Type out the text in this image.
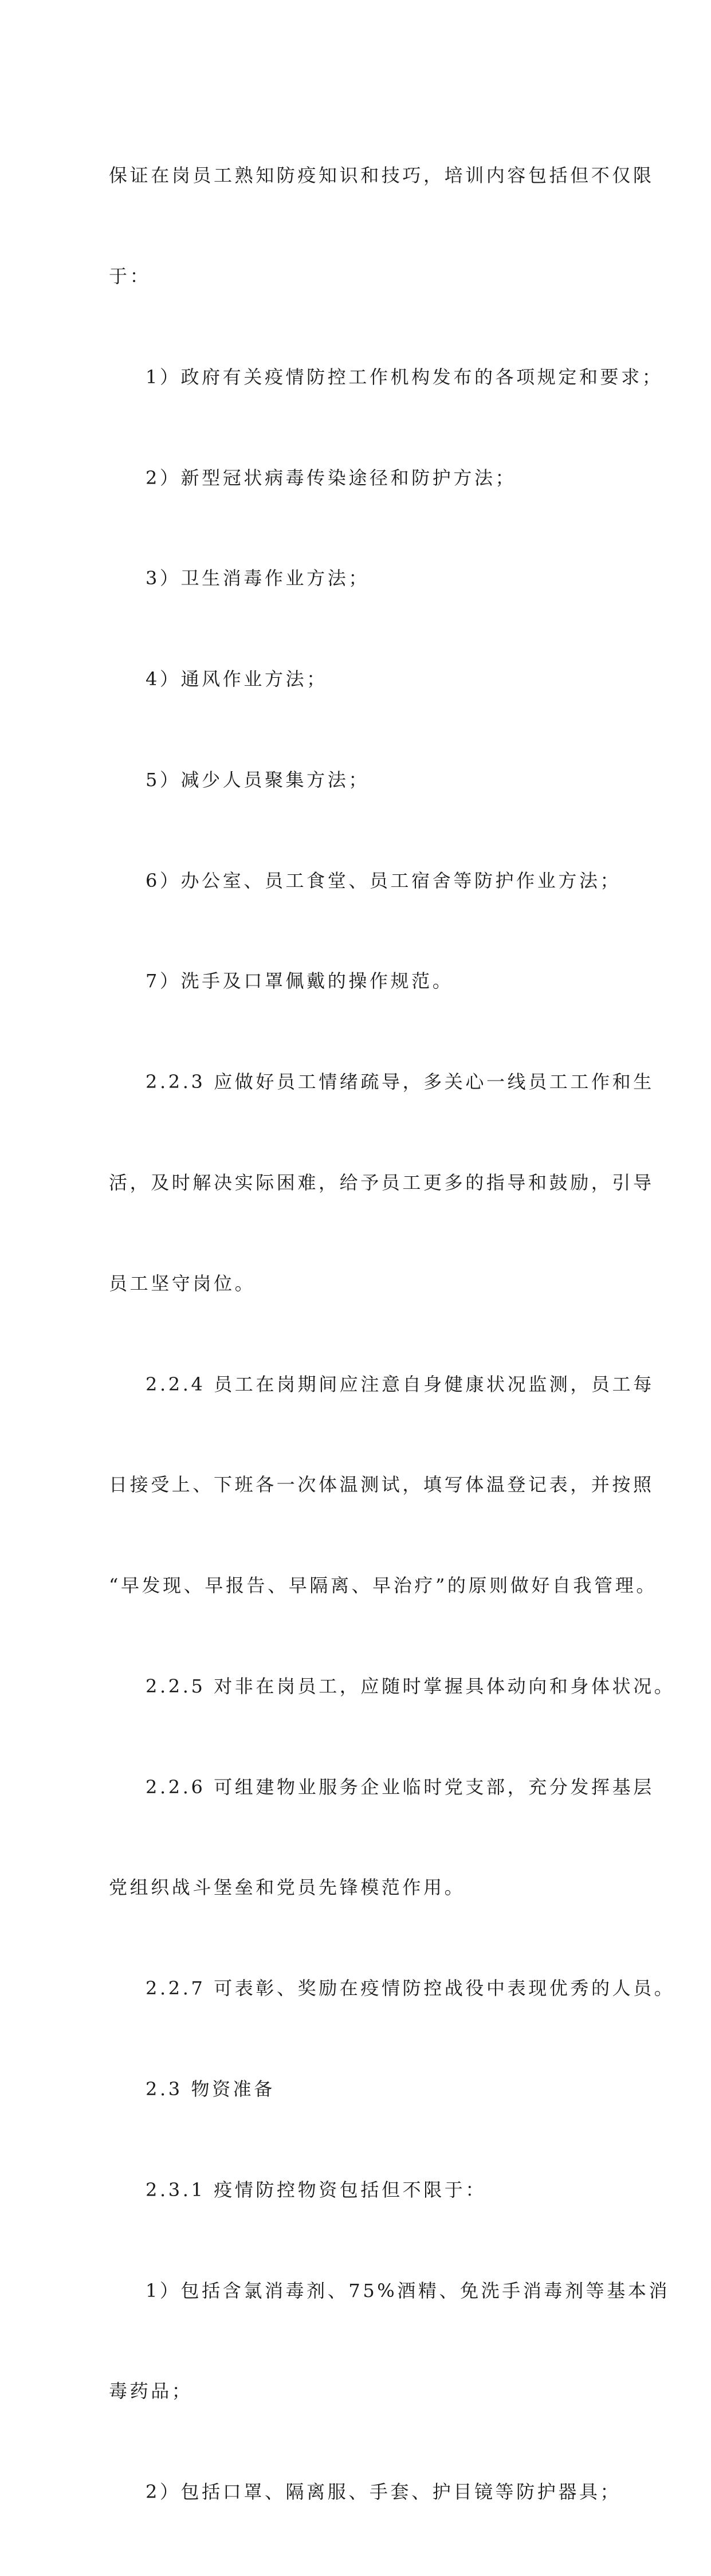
保证在岗员工熟知防疫知识和技巧，培训内容包括但不仅限

于：

1）政府有关疫情防控工作机构发布的各项规定和要求；

2）新型冠状病毒传染途径和防护方法；

3）卫生消毒作业方法；

4）通风作业方法；

5）减少人员聚集方法；

6）办公室、员工食堂、员工宿舍等防护作业方法；

7）洗手及口罩佩戴的操作规范。

2.2.3 应做好员工情绪疏导，多关心一线员工工作和生

活，及时解决实际困难，给予员工更多的指导和鼓励，引导

员工坚守岗位。

2.2.4 员工在岗期间应注意自身健康状况监测，员工每

日接受上、下班各一次体温测试，填写体温登记表，并按照

“早发现、早报告、早隔离、早治疗”的原则做好自我管理。

2.2.5 对非在岗员工，应随时掌握具体动向和身体状况。

2.2.6 可组建物业服务企业临时党支部，充分发挥基层

党组织战斗堡垒和党员先锋模范作用。

2.2.7 可表彰、奖励在疫情防控战役中表现优秀的人员。

2.3 物资准备

2.3.1 疫情防控物资包括但不限于：

1）包括含氯消毒剂、75%酒精、免洗手消毒剂等基本消

毒药品；

2）包括口罩、隔离服、手套、护目镜等防护器具；
